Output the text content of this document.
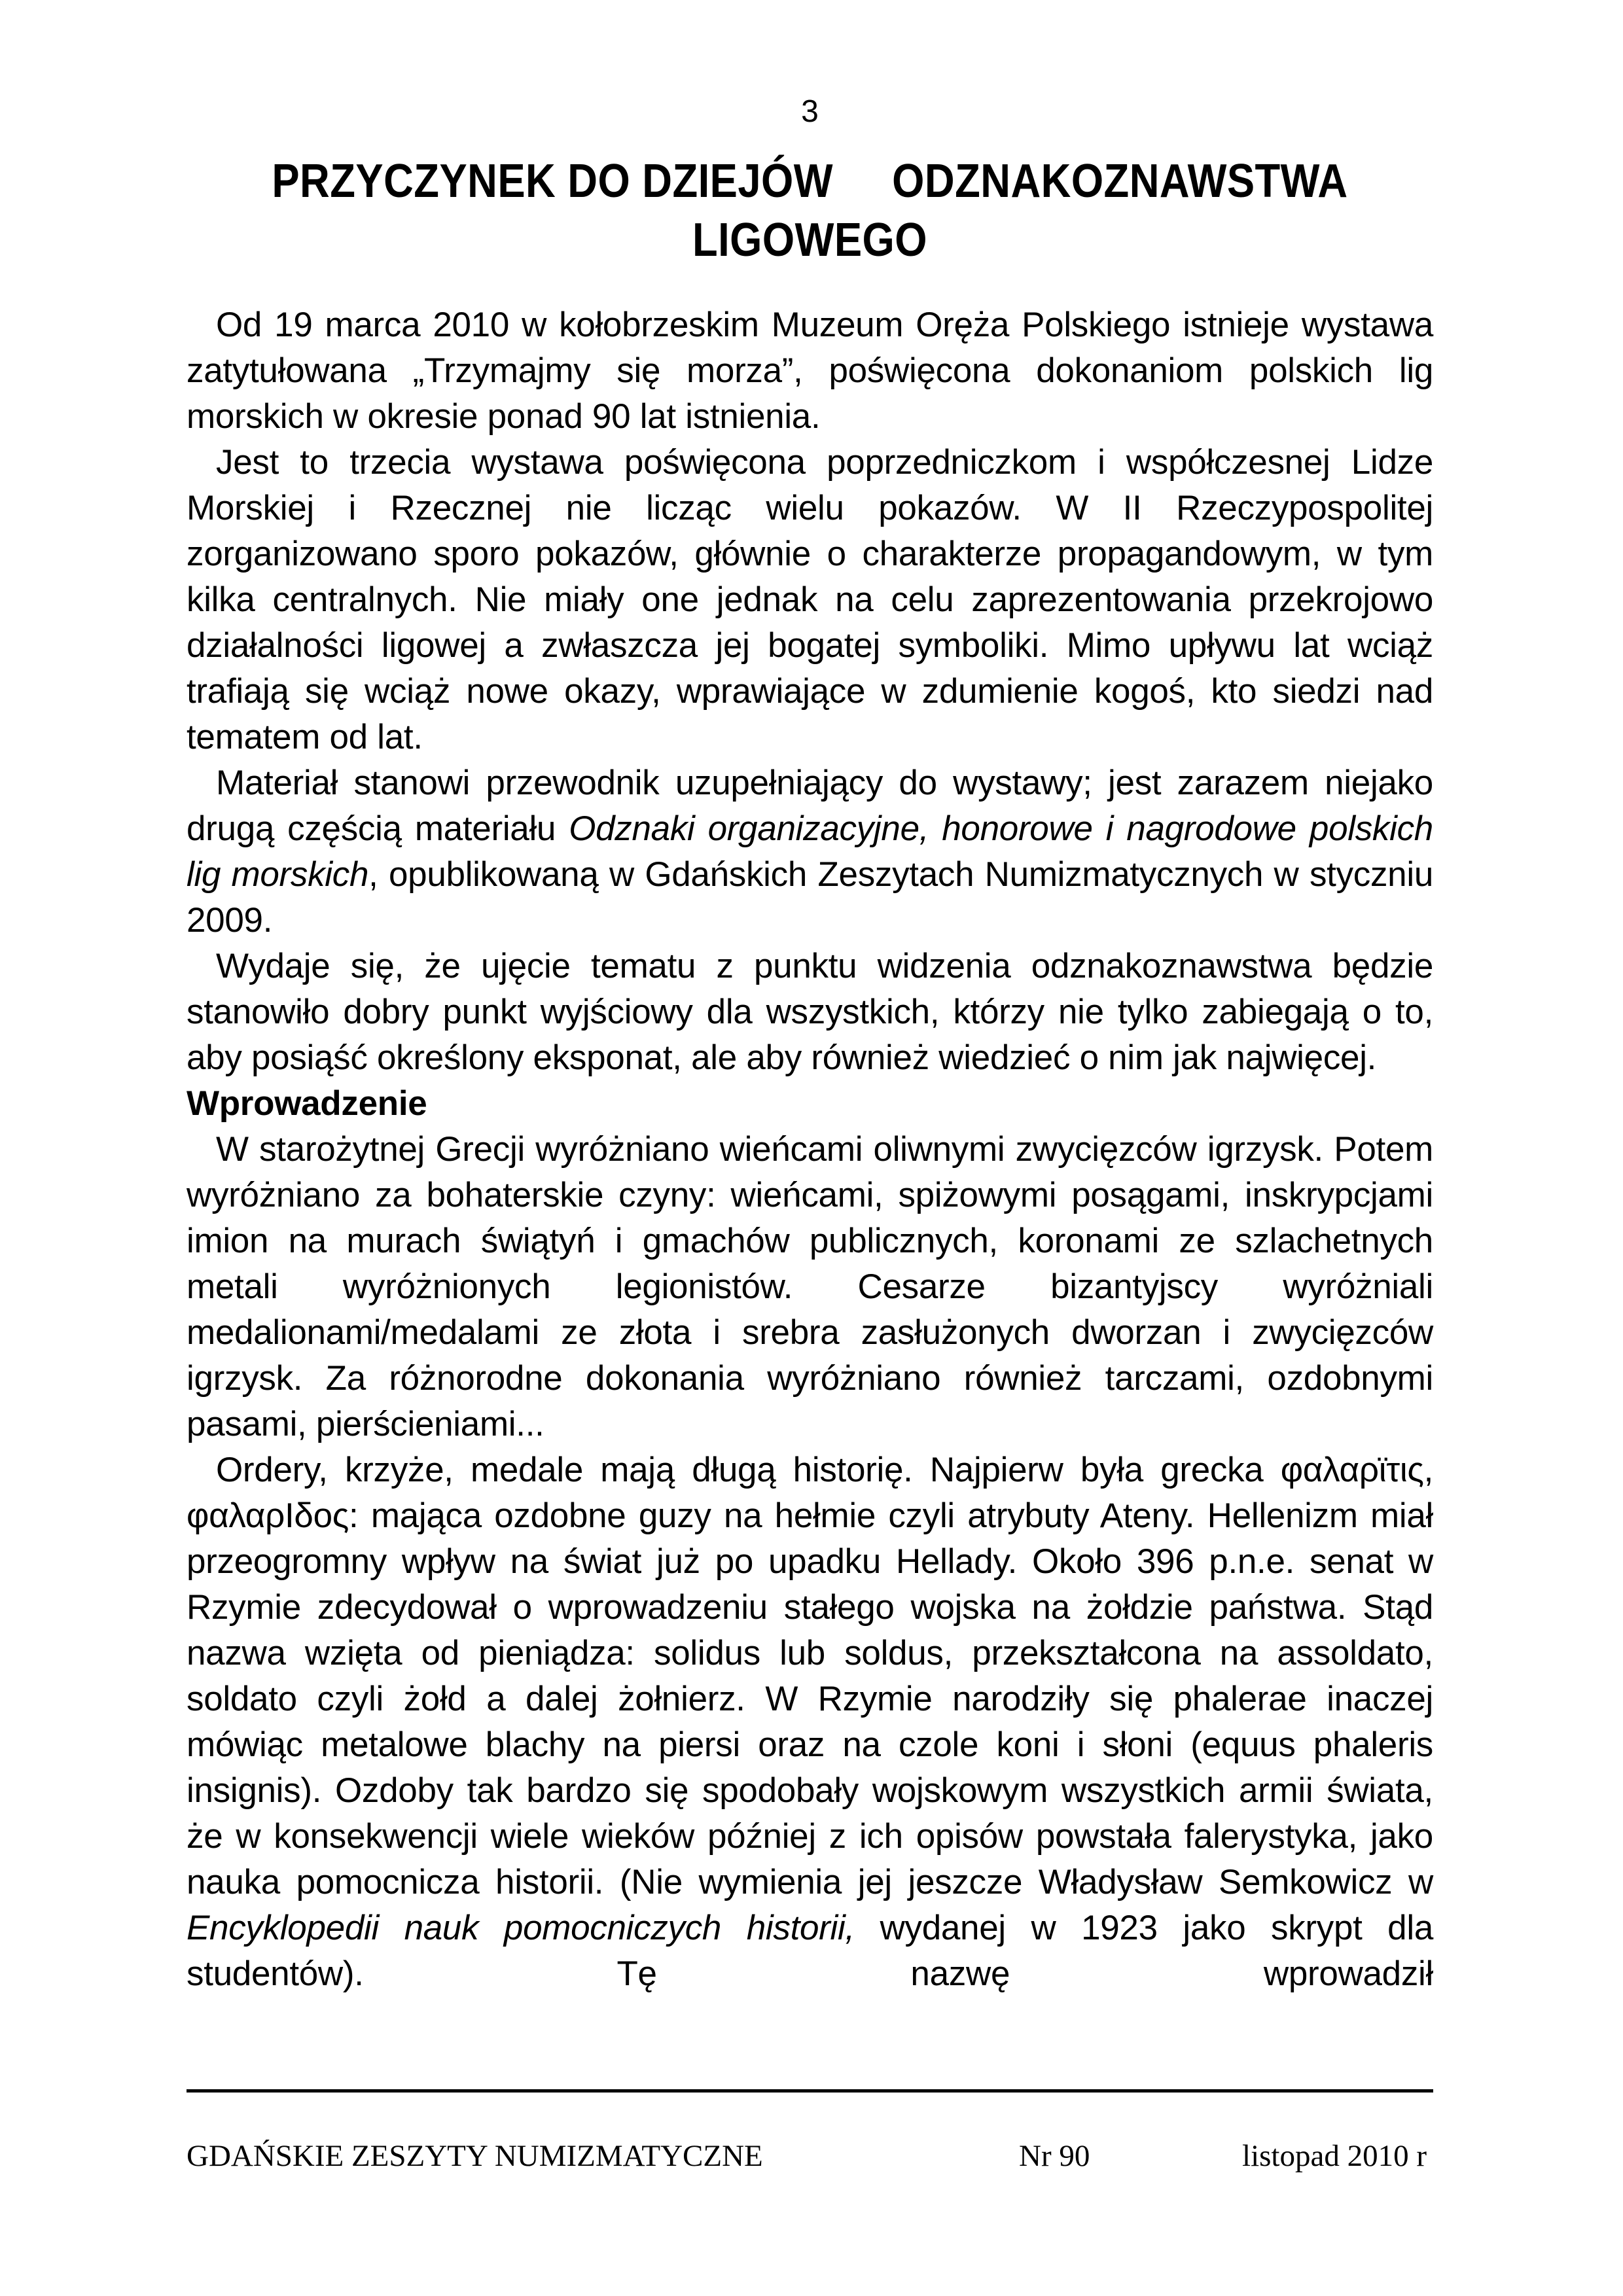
3
PRZYCZYNEK DO DZIEJÓW     ODZNAKOZNAWSTWA
LIGOWEGO

Od 19 marca 2010 w kołobrzeskim Muzeum Oręża Polskiego istnieje wystawa zatytułowana „Trzymajmy się morza”, poświęcona dokonaniom polskich lig morskich w okresie ponad 90 lat istnienia.

Jest to trzecia wystawa poświęcona poprzedniczkom i współczesnej Lidze Morskiej i Rzecznej nie licząc wielu pokazów. W II Rzeczypospolitej zorganizowano sporo pokazów, głównie o charakterze propagandowym, w tym kilka centralnych. Nie miały one jednak na celu zaprezentowania przekrojowo działalności ligowej a zwłaszcza jej bogatej symboliki. Mimo upływu lat wciąż trafiają się wciąż nowe okazy, wprawiające w zdumienie kogoś, kto siedzi nad tematem od lat.

Materiał stanowi przewodnik uzupełniający do wystawy; jest zarazem niejako drugą częścią materiału Odznaki organizacyjne, honorowe i nagrodowe polskich lig morskich, opublikowaną w Gdańskich Zeszytach Numizmatycznych w styczniu 2009.

Wydaje się, że ujęcie tematu z punktu widzenia odznakoznawstwa będzie stanowiło dobry punkt wyjściowy dla wszystkich, którzy nie tylko zabiegają o to, aby posiąść określony eksponat, ale aby również wiedzieć o nim jak najwięcej.

Wprowadzenie

W starożytnej Grecji wyróżniano wieńcami oliwnymi zwycięzców igrzysk. Potem wyróżniano za bohaterskie czyny: wieńcami, spiżowymi posągami, inskrypcjami imion na murach świątyń i gmachów publicznych, koronami ze szlachetnych metali wyróżnionych legionistów. Cesarze bizantyjscy wyróżniali medalionami/medalami ze złota i srebra zasłużonych dworzan i zwycięzców igrzysk. Za różnorodne dokonania wyróżniano również tarczami, ozdobnymi pasami, pierścieniami...

Ordery, krzyże, medale mają długą historię. Najpierw była grecka φαλαρϊτις, φαλαρΙδος: mająca ozdobne guzy na hełmie czyli atrybuty Ateny. Hellenizm miał przeogromny wpływ na świat już po upadku Hellady. Około 396 p.n.e. senat w Rzymie zdecydował o wprowadzeniu stałego wojska na żołdzie państwa. Stąd nazwa wzięta od pieniądza: solidus lub soldus, przekształcona na assoldato, soldato czyli żołd a dalej żołnierz. W Rzymie narodziły się phalerae inaczej mówiąc metalowe blachy na piersi oraz na czole koni i słoni (equus phaleris insignis). Ozdoby tak bardzo się spodobały wojskowym wszystkich armii świata, że w konsekwencji wiele wieków później z ich opisów powstała falerystyka, jako nauka pomocnicza historii. (Nie wymienia jej jeszcze Władysław Semkowicz w Encyklopedii nauk pomocniczych historii, wydanej w 1923 jako skrypt dla studentów). Tę nazwę wprowadził

GDAŃSKIE ZESZYTY NUMIZMATYCZNE	Nr 90	listopad 2010 r
